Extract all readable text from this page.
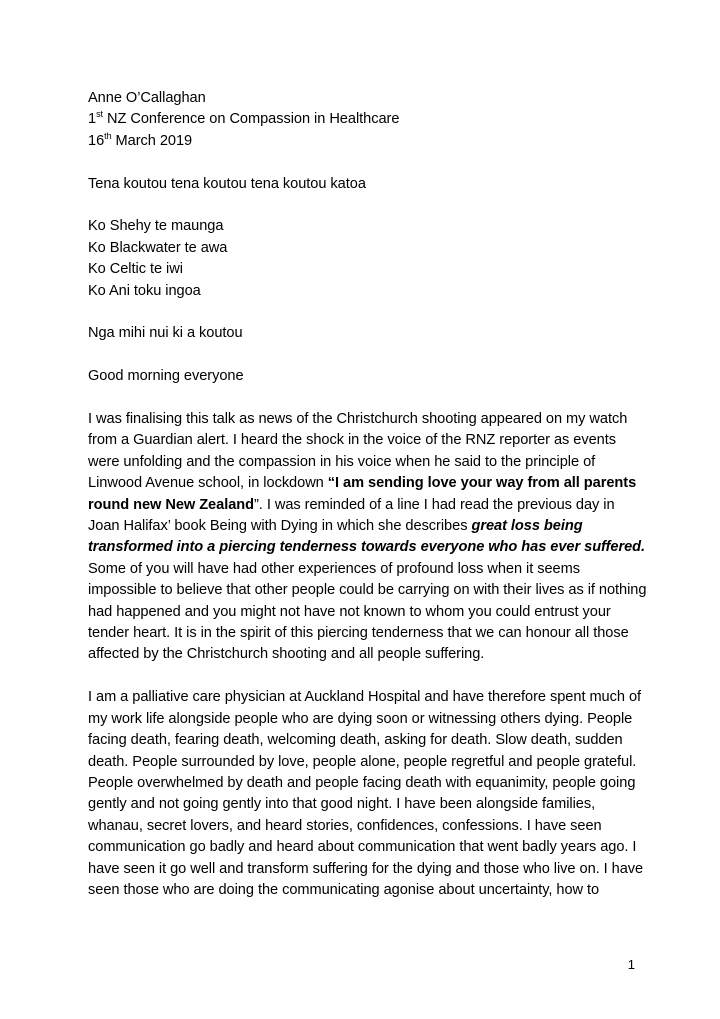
Anne O’Callaghan

1st NZ Conference on Compassion in Healthcare

16th March 2019

Tena koutou tena koutou tena koutou katoa

Ko Shehy te maunga

Ko Blackwater te awa

Ko Celtic te iwi

Ko Ani toku ingoa

Nga mihi nui ki a koutou

Good morning everyone

I was finalising this talk as news of the Christchurch shooting appeared on my watch from a Guardian alert. I heard the shock in the voice of the RNZ reporter as events were unfolding and the compassion in his voice when he said to the principle of Linwood Avenue school, in lockdown “I am sending love your way from all parents round new New Zealand”. I was reminded of a line I had read the previous day in Joan Halifax’ book Being with Dying in which she describes great loss being transformed into a piercing tenderness towards everyone who has ever suffered. Some of you will have had other experiences of profound loss when it seems impossible to believe that other people could be carrying on with their lives as if nothing had happened and you might not have not known to whom you could entrust your tender heart. It is in the spirit of this piercing tenderness that we can honour all those affected by the Christchurch shooting and all people suffering.

I am a palliative care physician at Auckland Hospital and have therefore spent much of my work life alongside people who are dying soon or witnessing others dying. People facing death, fearing death, welcoming death, asking for death. Slow death, sudden death. People surrounded by love, people alone, people regretful and people grateful. People overwhelmed by death and people facing death with equanimity, people going gently and not going gently into that good night. I have been alongside families, whanau, secret lovers, and heard stories, confidences, confessions. I have seen communication go badly and heard about communication that went badly years ago. I have seen it go well and transform suffering for the dying and those who live on. I have seen those who are doing the communicating agonise about uncertainty, how to

1
